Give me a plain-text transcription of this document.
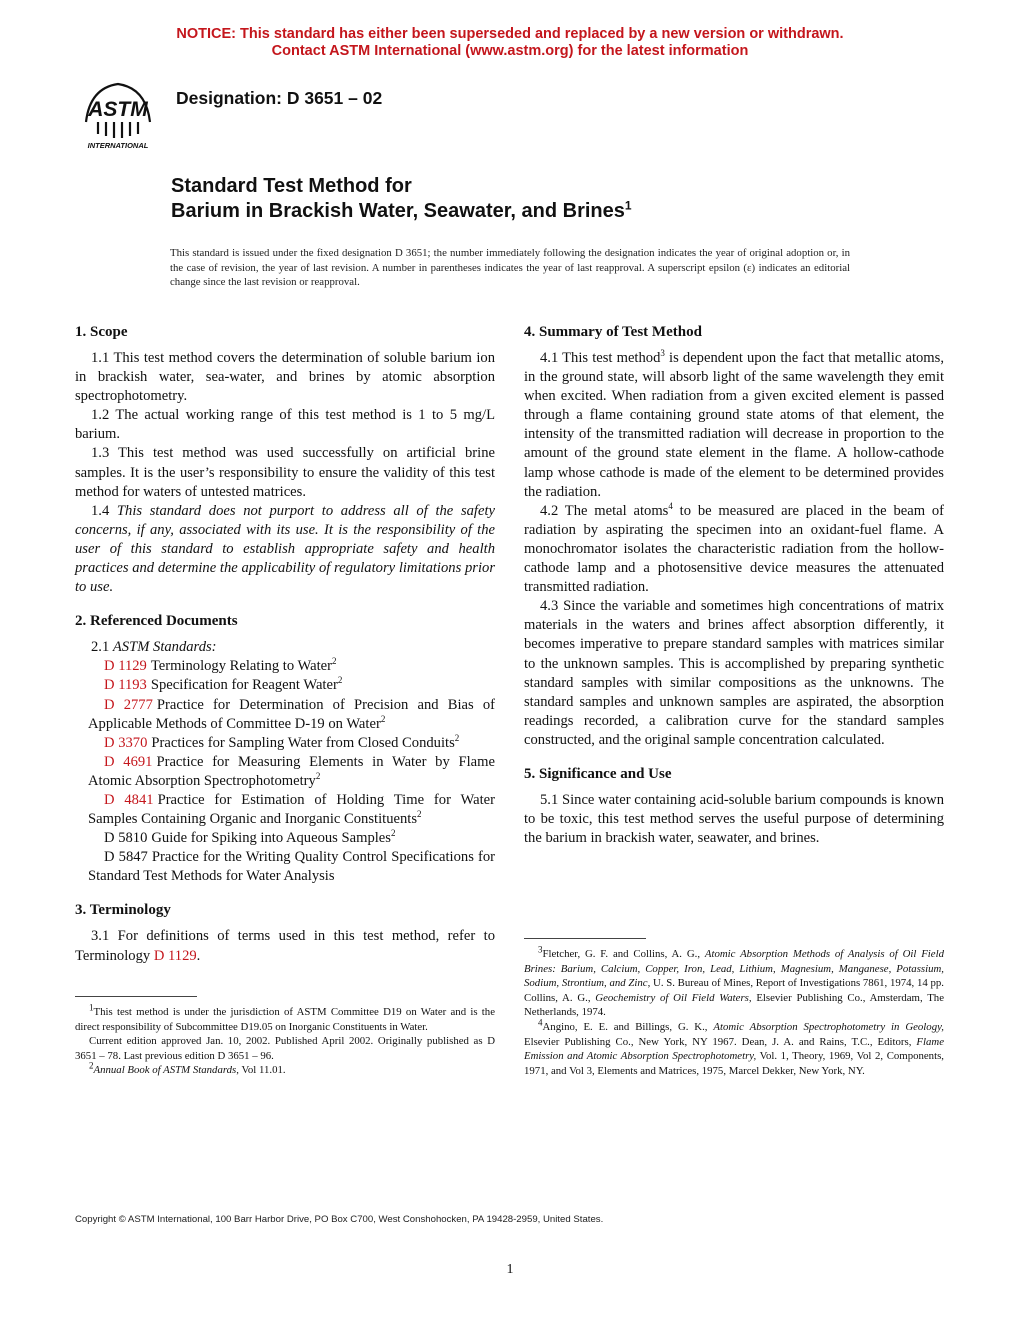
NOTICE: This standard has either been superseded and replaced by a new version or withdrawn.
Contact ASTM International (www.astm.org) for the latest information
ASTM
INTERNATIONAL
Designation: D 3651 – 02
Standard Test Method for
Barium in Brackish Water, Seawater, and Brines$^1$
This standard is issued under the fixed designation D 3651; the number immediately following the designation indicates the year of original adoption or, in the case of revision, the year of last revision. A number in parentheses indicates the year of last reapproval. A superscript epsilon (ε) indicates an editorial change since the last revision or reapproval.
1. Scope

1.1 This test method covers the determination of soluble barium ion in brackish water, sea-water, and brines by atomic absorption spectrophotometry.

1.2 The actual working range of this test method is 1 to 5 mg/L barium.

1.3 This test method was used successfully on artificial brine samples. It is the user’s responsibility to ensure the validity of this test method for waters of untested matrices.

1.4 This standard does not purport to address all of the safety concerns, if any, associated with its use. It is the responsibility of the user of this standard to establish appropriate safety and health practices and determine the applicability of regulatory limitations prior to use.

2. Referenced Documents

2.1 ASTM Standards:

D 1129 Terminology Relating to Water$^2$

D 1193 Specification for Reagent Water$^2$

D 2777 Practice for Determination of Precision and Bias of Applicable Methods of Committee D-19 on Water$^2$

D 3370 Practices for Sampling Water from Closed Conduits$^2$

D 4691 Practice for Measuring Elements in Water by Flame Atomic Absorption Spectrophotometry$^2$

D 4841 Practice for Estimation of Holding Time for Water Samples Containing Organic and Inorganic Constituents$^2$

D 5810 Guide for Spiking into Aqueous Samples$^2$

D 5847 Practice for the Writing Quality Control Specifications for Standard Test Methods for Water Analysis

3. Terminology

3.1 For definitions of terms used in this test method, refer to Terminology D 1129.

$^1$This test method is under the jurisdiction of ASTM Committee D19 on Water and is the direct responsibility of Subcommittee D19.05 on Inorganic Constituents in Water.

Current edition approved Jan. 10, 2002. Published April 2002. Originally published as D 3651 – 78. Last previous edition D 3651 – 96.

$^2$Annual Book of ASTM Standards, Vol 11.01.

4. Summary of Test Method

4.1 This test method$^3$ is dependent upon the fact that metallic atoms, in the ground state, will absorb light of the same wavelength they emit when excited. When radiation from a given excited element is passed through a flame containing ground state atoms of that element, the intensity of the transmitted radiation will decrease in proportion to the amount of the ground state element in the flame. A hollow-cathode lamp whose cathode is made of the element to be determined provides the radiation.

4.2 The metal atoms$^4$ to be measured are placed in the beam of radiation by aspirating the specimen into an oxidant-fuel flame. A monochromator isolates the characteristic radiation from the hollow-cathode lamp and a photosensitive device measures the attenuated transmitted radiation.

4.3 Since the variable and sometimes high concentrations of matrix materials in the waters and brines affect absorption differently, it becomes imperative to prepare standard samples with matrices similar to the unknown samples. This is accomplished by preparing synthetic standard samples with similar compositions as the unknowns. The standard samples and unknown samples are aspirated, the absorption readings recorded, a calibration curve for the standard samples constructed, and the original sample concentration calculated.

5. Significance and Use

5.1 Since water containing acid-soluble barium compounds is known to be toxic, this test method serves the useful purpose of determining the barium in brackish water, seawater, and brines.

$^3$Fletcher, G. F. and Collins, A. G., Atomic Absorption Methods of Analysis of Oil Field Brines: Barium, Calcium, Copper, Iron, Lead, Lithium, Magnesium, Manganese, Potassium, Sodium, Strontium, and Zinc, U. S. Bureau of Mines, Report of Investigations 7861, 1974, 14 pp. Collins, A. G., Geochemistry of Oil Field Waters, Elsevier Publishing Co., Amsterdam, The Netherlands, 1974.

$^4$Angino, E. E. and Billings, G. K., Atomic Absorption Spectrophotometry in Geology, Elsevier Publishing Co., New York, NY 1967. Dean, J. A. and Rains, T.C., Editors, Flame Emission and Atomic Absorption Spectrophotometry, Vol. 1, Theory, 1969, Vol 2, Components, 1971, and Vol 3, Elements and Matrices, 1975, Marcel Dekker, New York, NY.

Copyright © ASTM International, 100 Barr Harbor Drive, PO Box C700, West Conshohocken, PA 19428-2959, United States.
1
